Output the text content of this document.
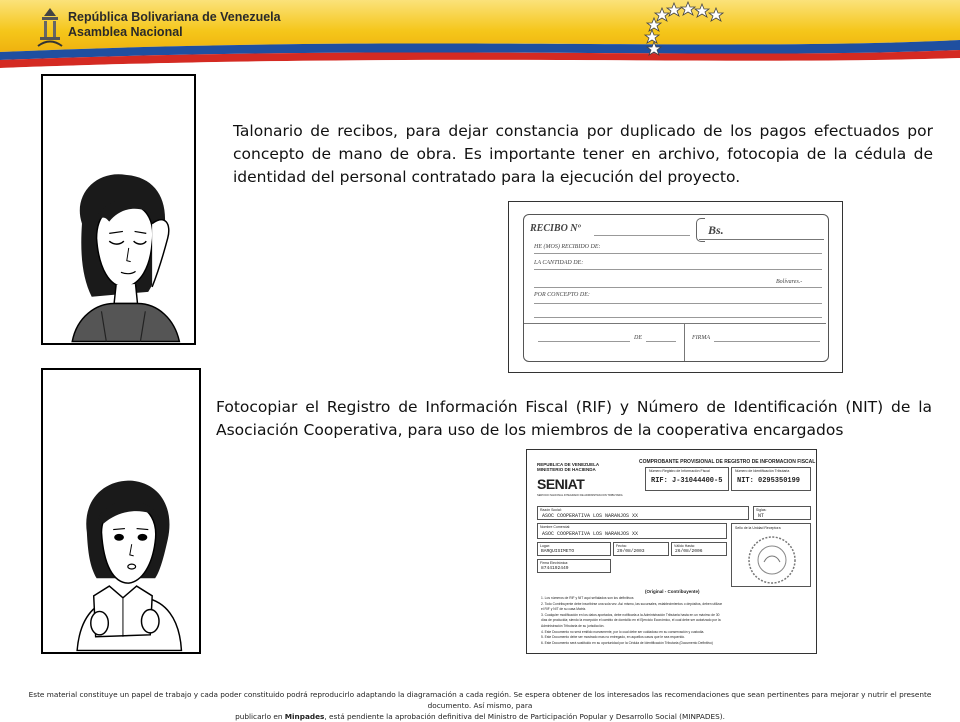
República Bolivariana de Venezuela
Asamblea Nacional
Talonario de recibos, para dejar constancia por duplicado de los pagos efectuados por concepto de mano de obra. Es importante tener en archivo, fotocopia de la cédula de identidad del personal contratado para la ejecución del proyecto.
Fotocopiar el Registro de Información Fiscal (RIF) y Número de Identificación (NIT) de la Asociación Cooperativa, para uso de los miembros de la cooperativa encargados
RECIBO Nº	Bs.
HE (MOS) RECIBIDO DE:
LA CANTIDAD DE:
Bolívares.-
POR CONCEPTO DE:
DE	FIRMA
REPUBLICA DE VENEZUELA
MINISTERIO DE HACIENDA
SENIAT
SERVICIO NACIONAL INTEGRADO DE ADMINISTRACION TRIBUTARIA
COMPROBANTE PROVISIONAL DE REGISTRO DE INFORMACION FISCAL
Número Registro de Información Fiscal
RIF: J-31044400-5
Número de Identificación Tributaria
NIT: 0295350199
Razón Social:
ASOC COOPERATIVA LOS NARANJOS XX
Siglas:
NT
Nombre Comercial:
ASOC COOPERATIVA LOS NARANJOS XX
Sello de la Unidad Receptora
Lugar:
BARQUISIMETO
Fecha:
29/08/2003
Válido Hasta:
26/08/2006
Firma Electrónica:
8744192449
(Original - Contribuyente)
1. Los números de RIF y NIT aquí señalados son los definitivos
2. Todo Contribuyente debe inscribirse una sola vez. Así mismo, las sucursales, establecimientos o depósitos, deben utilizar
el RIF y NIT de su casa Matriz.
3. Cualquier modificación en los datos aportados, debe notificarla a la Administración Tributaria hasta en un máximo de 30
días de producida; siendo la excepción el cambio de domicilio en el Ejercicio Económico, el cual debe ser autorizado por la
Administración Tributaria de su jurisdicción.
4. Este Documento no será emitido nuevamente, por lo cual debe ser cuidadoso en su conservación y custodia.
5. Este Documento debe ser mostrado mas no entregado, en aquellos casos que le sea requerido.
6. Este Documento será sustituido en su oportunidad por la Cédula de Identificación Tributaria (Documento Definitivo)
Este material constituye un papel de trabajo y cada poder constituido podrá reproducirlo adaptando la diagramación a cada región. Se espera obtener de los interesados las recomendaciones que sean pertinentes para mejorar y nutrir el presente documento. Así mismo, para
publicarlo en Minpades, está pendiente la aprobación definitiva del Ministro de Participación Popular y Desarrollo Social (MINPADES).
